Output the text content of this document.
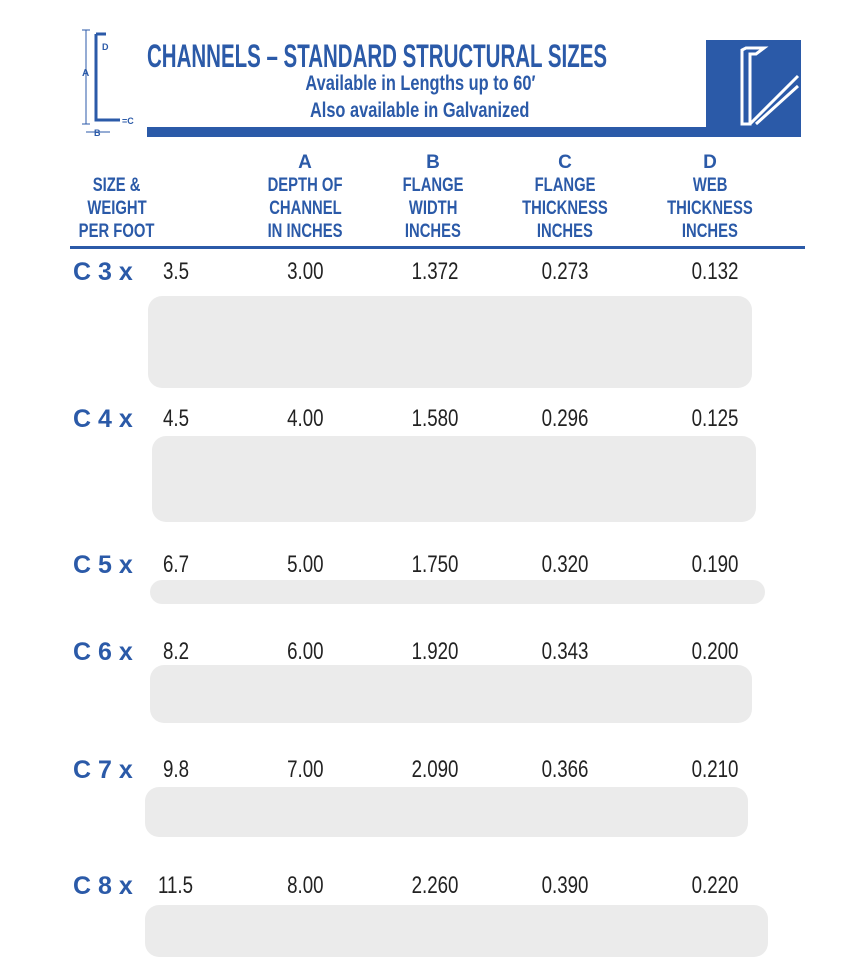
A
D
=C
B
CHANNELS – STANDARD STRUCTURAL SIZES
Available in Lengths up to 60′
Also available in Galvanized
SIZE &
WEIGHT
PER FOOT
A
DEPTH OF
CHANNEL
IN INCHES
B
FLANGE
WIDTH
INCHES
C
FLANGE
THICKNESS
INCHES
D
WEB
THICKNESS
INCHES
C 3 x 3.5	3.00	1.372	0.273	0.132
C 4 x 4.5	4.00	1.580	0.296	0.125
C 5 x 6.7	5.00	1.750	0.320	0.190
C 6 x 8.2	6.00	1.920	0.343	0.200
C 7 x 9.8	7.00	2.090	0.366	0.210
C 8 x 11.5	8.00	2.260	0.390	0.220
